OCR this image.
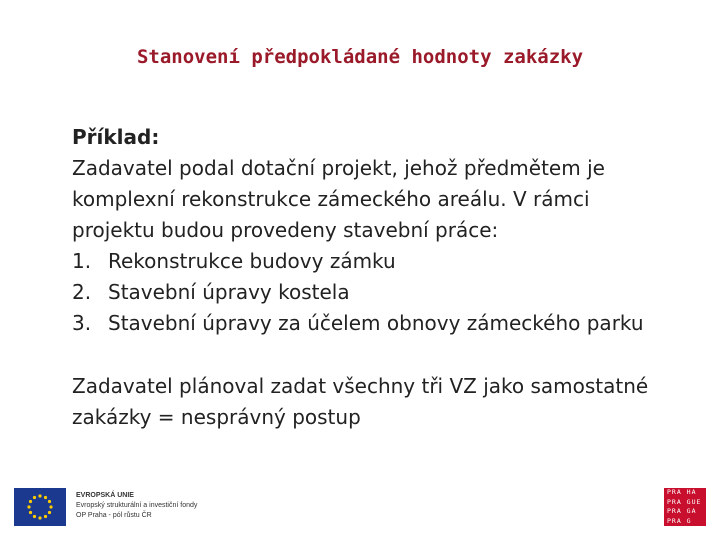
Stanovení předpokládané hodnoty zakázky

Příklad:

Zadavatel podal dotační projekt, jehož předmětem je komplexní rekonstrukce zámeckého areálu. V rámci projektu budou provedeny stavební práce:

1. Rekonstrukce budovy zámku
2. Stavební úpravy kostela
3. Stavební úpravy za účelem obnovy zámeckého parku

Zadavatel plánoval zadat všechny tři VZ jako samostatné zakázky = nesprávný postup

EVROPSKÁ UNIE
Evropský strukturální a investiční fondy
OP Praha - pól růstu ČR
PRA HA
PRA GUE
PRA GA
PRA G
